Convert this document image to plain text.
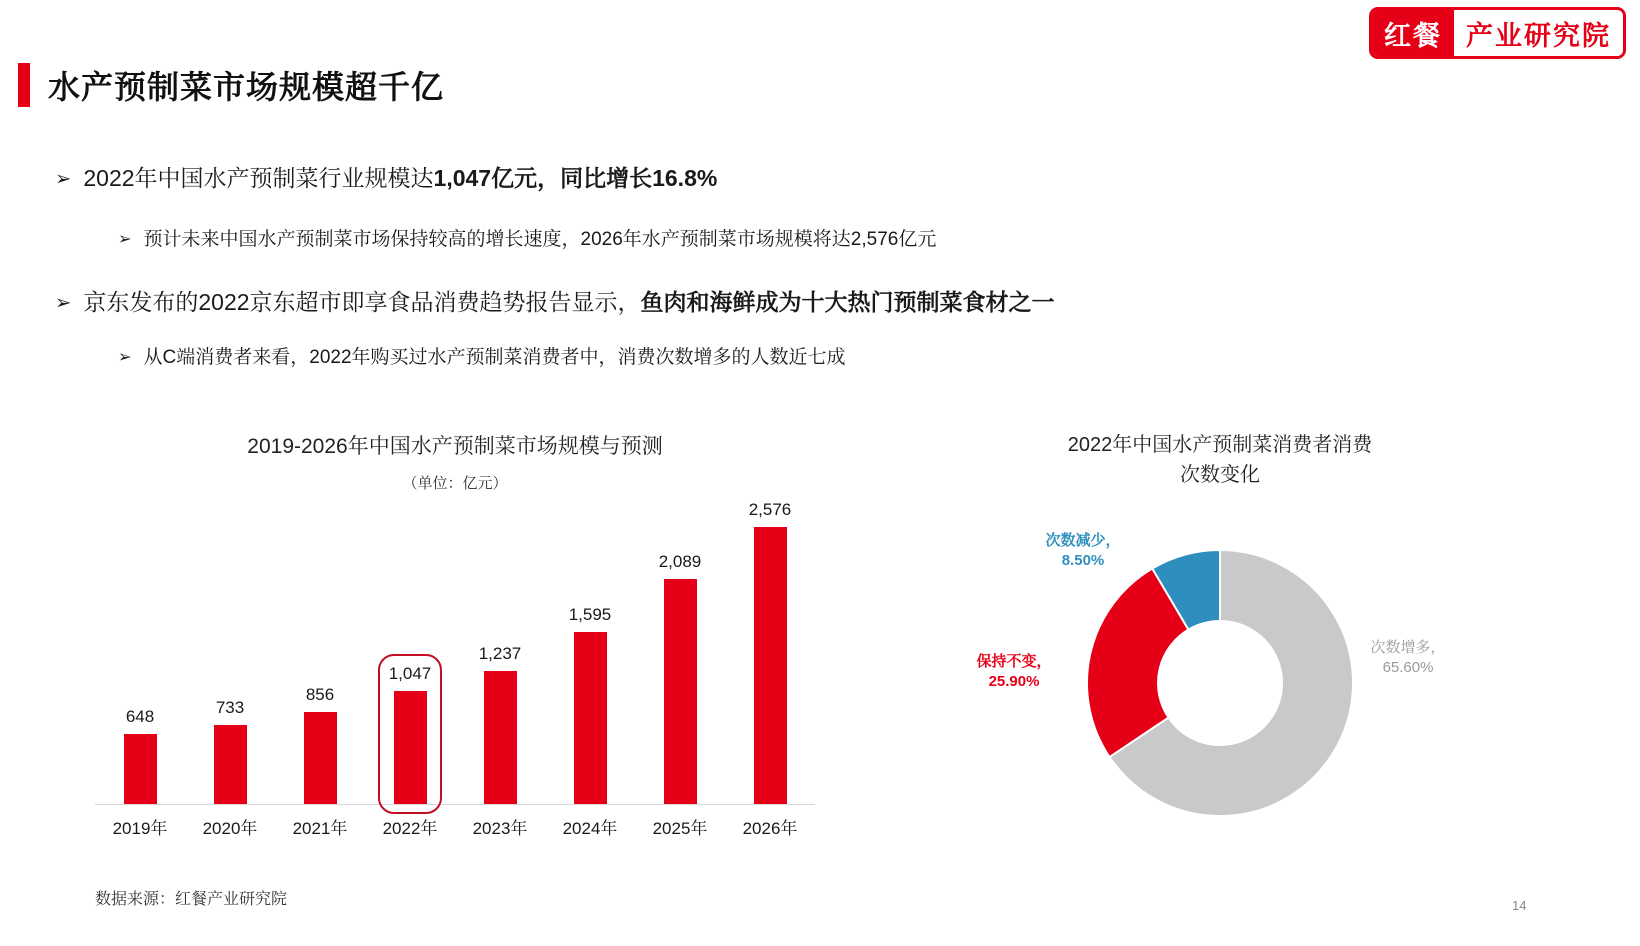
红餐 产业研究院
水产预制菜市场规模超千亿
➢ 2022年中国水产预制菜行业规模达1,047亿元，同比增长16.8%
➢ 预计未来中国水产预制菜市场保持较高的增长速度，2026年水产预制菜市场规模将达2,576亿元
➢ 京东发布的2022京东超市即享食品消费趋势报告显示，鱼肉和海鲜成为十大热门预制菜食材之一
➢ 从C端消费者来看，2022年购买过水产预制菜消费者中，消费次数增多的人数近七成
2019-2026年中国水产预制菜市场规模与预测
（单位：亿元）
648	733
856
1,047
1,237
1,595
2,089
2,576
2019年	2020年	2021年	2022年	2023年	2024年	2025年	2026年
2022年中国水产预制菜消费者消费
次数变化
次数减少，
8.50%
保持不变，
25.90%
次数增多，
65.60%
数据来源：红餐产业研究院	14
